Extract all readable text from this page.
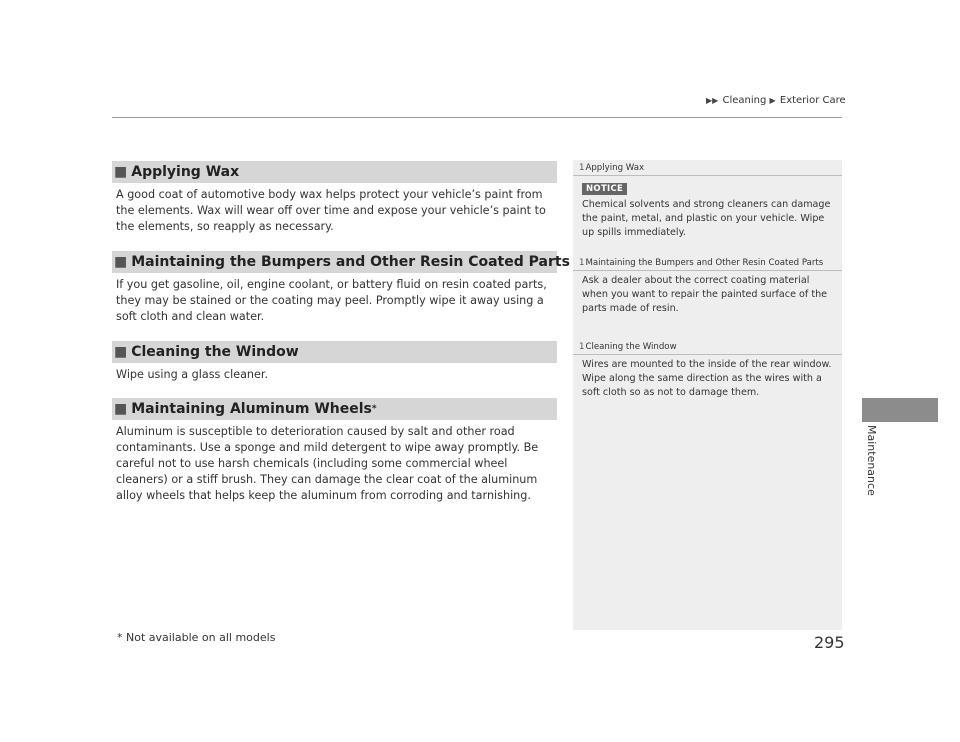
▶▶ Cleaning ▶ Exterior Care
Maintenance
■ Applying Wax
A good coat of automotive body wax helps protect your vehicle’s paint from the elements. Wax will wear off over time and expose your vehicle’s paint to the elements, so reapply as necessary.
■ Maintaining the Bumpers and Other Resin Coated Parts
If you get gasoline, oil, engine coolant, or battery fluid on resin coated parts, they may be stained or the coating may peel. Promptly wipe it away using a soft cloth and clean water.
■ Cleaning the Window
Wipe using a glass cleaner.
■ Maintaining Aluminum Wheels*
Aluminum is susceptible to deterioration caused by salt and other road contaminants. Use a sponge and mild detergent to wipe away promptly. Be careful not to use harsh chemicals (including some commercial wheel cleaners) or a stiff brush. They can damage the clear coat of the aluminum alloy wheels that helps keep the aluminum from corroding and tarnishing.
1Applying Wax
NOTICE
Chemical solvents and strong cleaners can damage the paint, metal, and plastic on your vehicle. Wipe up spills immediately.
1Maintaining the Bumpers and Other Resin Coated Parts
Ask a dealer about the correct coating material when you want to repair the painted surface of the parts made of resin.
1Cleaning the Window
Wires are mounted to the inside of the rear window. Wipe along the same direction as the wires with a soft cloth so as not to damage them.
* Not available on all models	295
